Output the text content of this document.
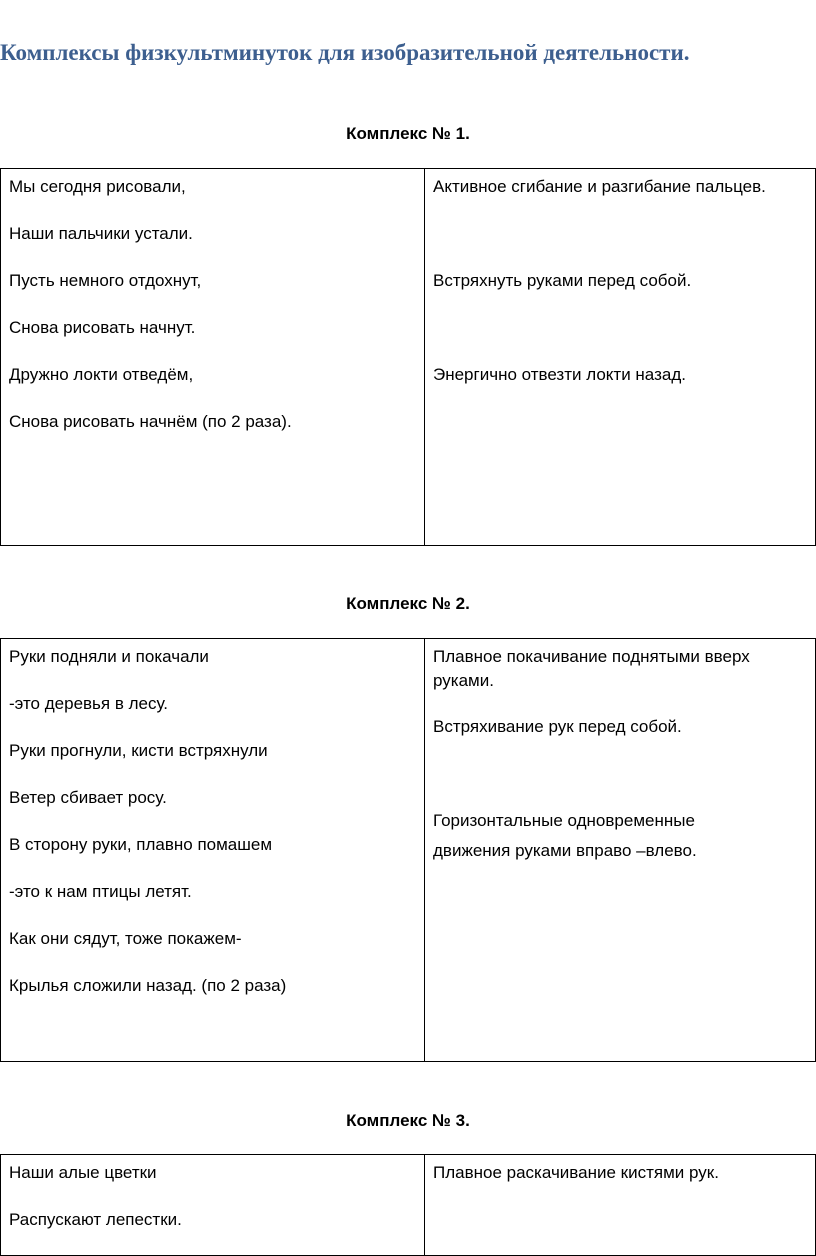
Комплексы физкультминуток для изобразительной деятельности.
Комплекс № 1.
Мы сегодня рисовали,
Наши пальчики устали.
Пусть немного отдохнут,
Снова рисовать начнут.
Дружно локти отведём,
Снова рисовать начнём (по 2 раза).

Активное сгибание и разгибание пальцев.
Встряхнуть руками перед собой.
Энергично отвезти локти назад.
Комплекс № 2.
Руки подняли и покачали
-это деревья в лесу.
Руки прогнули, кисти встряхнули
Ветер сбивает росу.
В сторону руки, плавно помашем
-это к нам птицы летят.
Как они сядут, тоже покажем-
Крылья сложили назад. (по 2 раза)

Плавное покачивание поднятыми вверх
руками.
Встряхивание рук перед собой.
Горизонтальные одновременные
движения руками вправо –влево.
Комплекс № 3.
Наши алые цветки
Распускают лепестки.

Плавное раскачивание кистями рук.
